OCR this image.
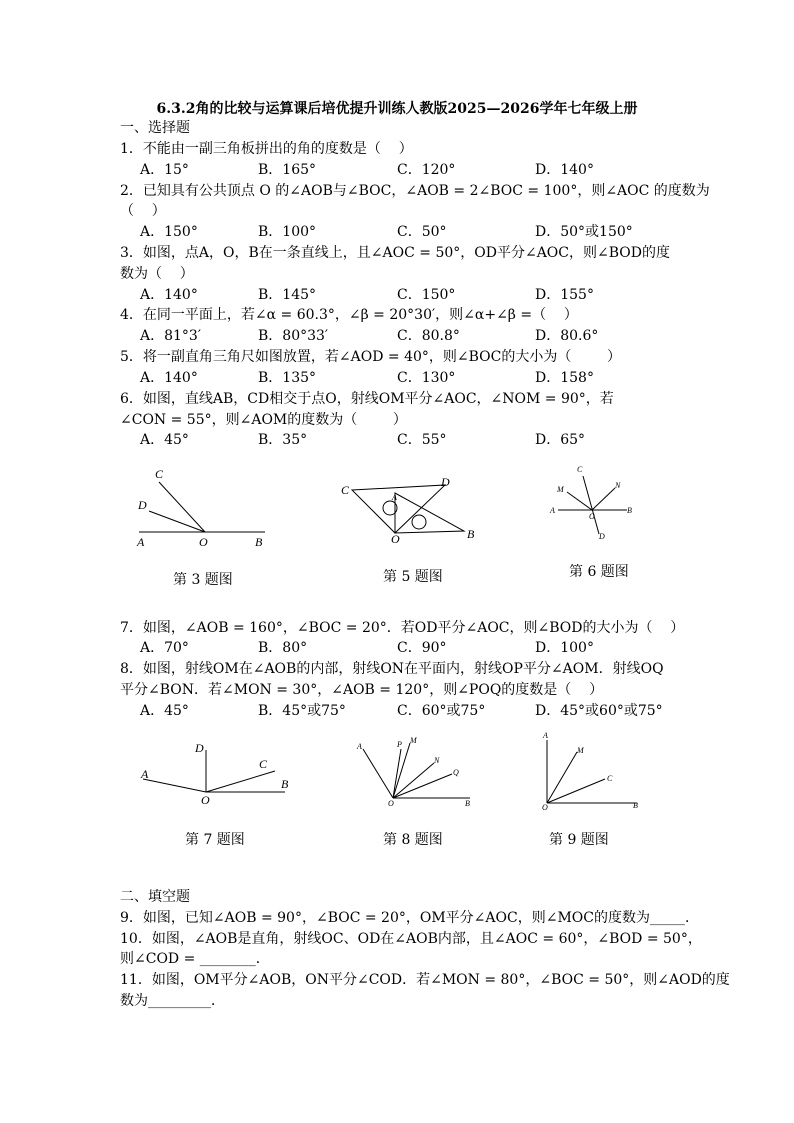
6.3.2角的比较与运算课后培优提升训练人教版2025—2026学年七年级上册
一、选择题
1．不能由一副三角板拼出的角的度数是（    ）
A．15°	B．165°	C．120°	D．140°
2．已知具有公共顶点 O 的∠AOB与∠BOC，∠AOB = 2∠BOC = 100°，则∠AOC 的度数为
（    ）
A．150°	B．100°	C．50°	D．50°或150°
3．如图，点A，O，B在一条直线上，且∠AOC = 50°，OD平分∠AOC，则∠BOD的度
数为（    ）
A．140°	B．145°	C．150°	D．155°
4．在同一平面上，若∠α = 60.3°，∠β = 20°30′，则∠α+∠β =（    ）
A．81°3′	B．80°33′	C．80.8°	D．80.6°
5．将一副直角三角尺如图放置，若∠AOD = 40°，则∠BOC的大小为（        ）
A．140°	B．135°	C．130°	D．158°
6．如图，直线AB，CD相交于点O，射线OM平分∠AOC，∠NOM = 90°，若
∠CON = 55°，则∠AOM的度数为（        ）
A．45°	B．35°	C．55°	D．65°
C
D
A	O	B
第 3 题图
C
A
D
O	B
第 5 题图
C
M	N
A
O
B
D
第 6 题图
7．如图，∠AOB = 160°，∠BOC = 20°．若OD平分∠AOC，则∠BOD的大小为（    ）
A．70°	B．80°	C．90°	D．100°
8．如图，射线OM在∠AOB的内部，射线ON在平面内，射线OP平分∠AOM．射线OQ
平分∠BON．若∠MON = 30°，∠AOB = 120°，则∠POQ的度数是（    ）
A．45°	B．45°或75°	C．60°或75°	D．45°或60°或75°
D
C
A
O
B
第 7 题图
A	P M
N
Q
O	B
第 8 题图
A
M
C
O	B
第 9 题图
二、填空题
9．如图，已知∠AOB = 90°，∠BOC = 20°，OM平分∠AOC，则∠MOC的度数为_____．
10．如图，∠AOB是直角，射线OC、OD在∠AOB内部，且∠AOC = 60°，∠BOD = 50°，
则∠COD = ________．
11．如图，OM平分∠AOB，ON平分∠COD．若∠MON = 80°，∠BOC = 50°，则∠AOD的度
数为_________．
